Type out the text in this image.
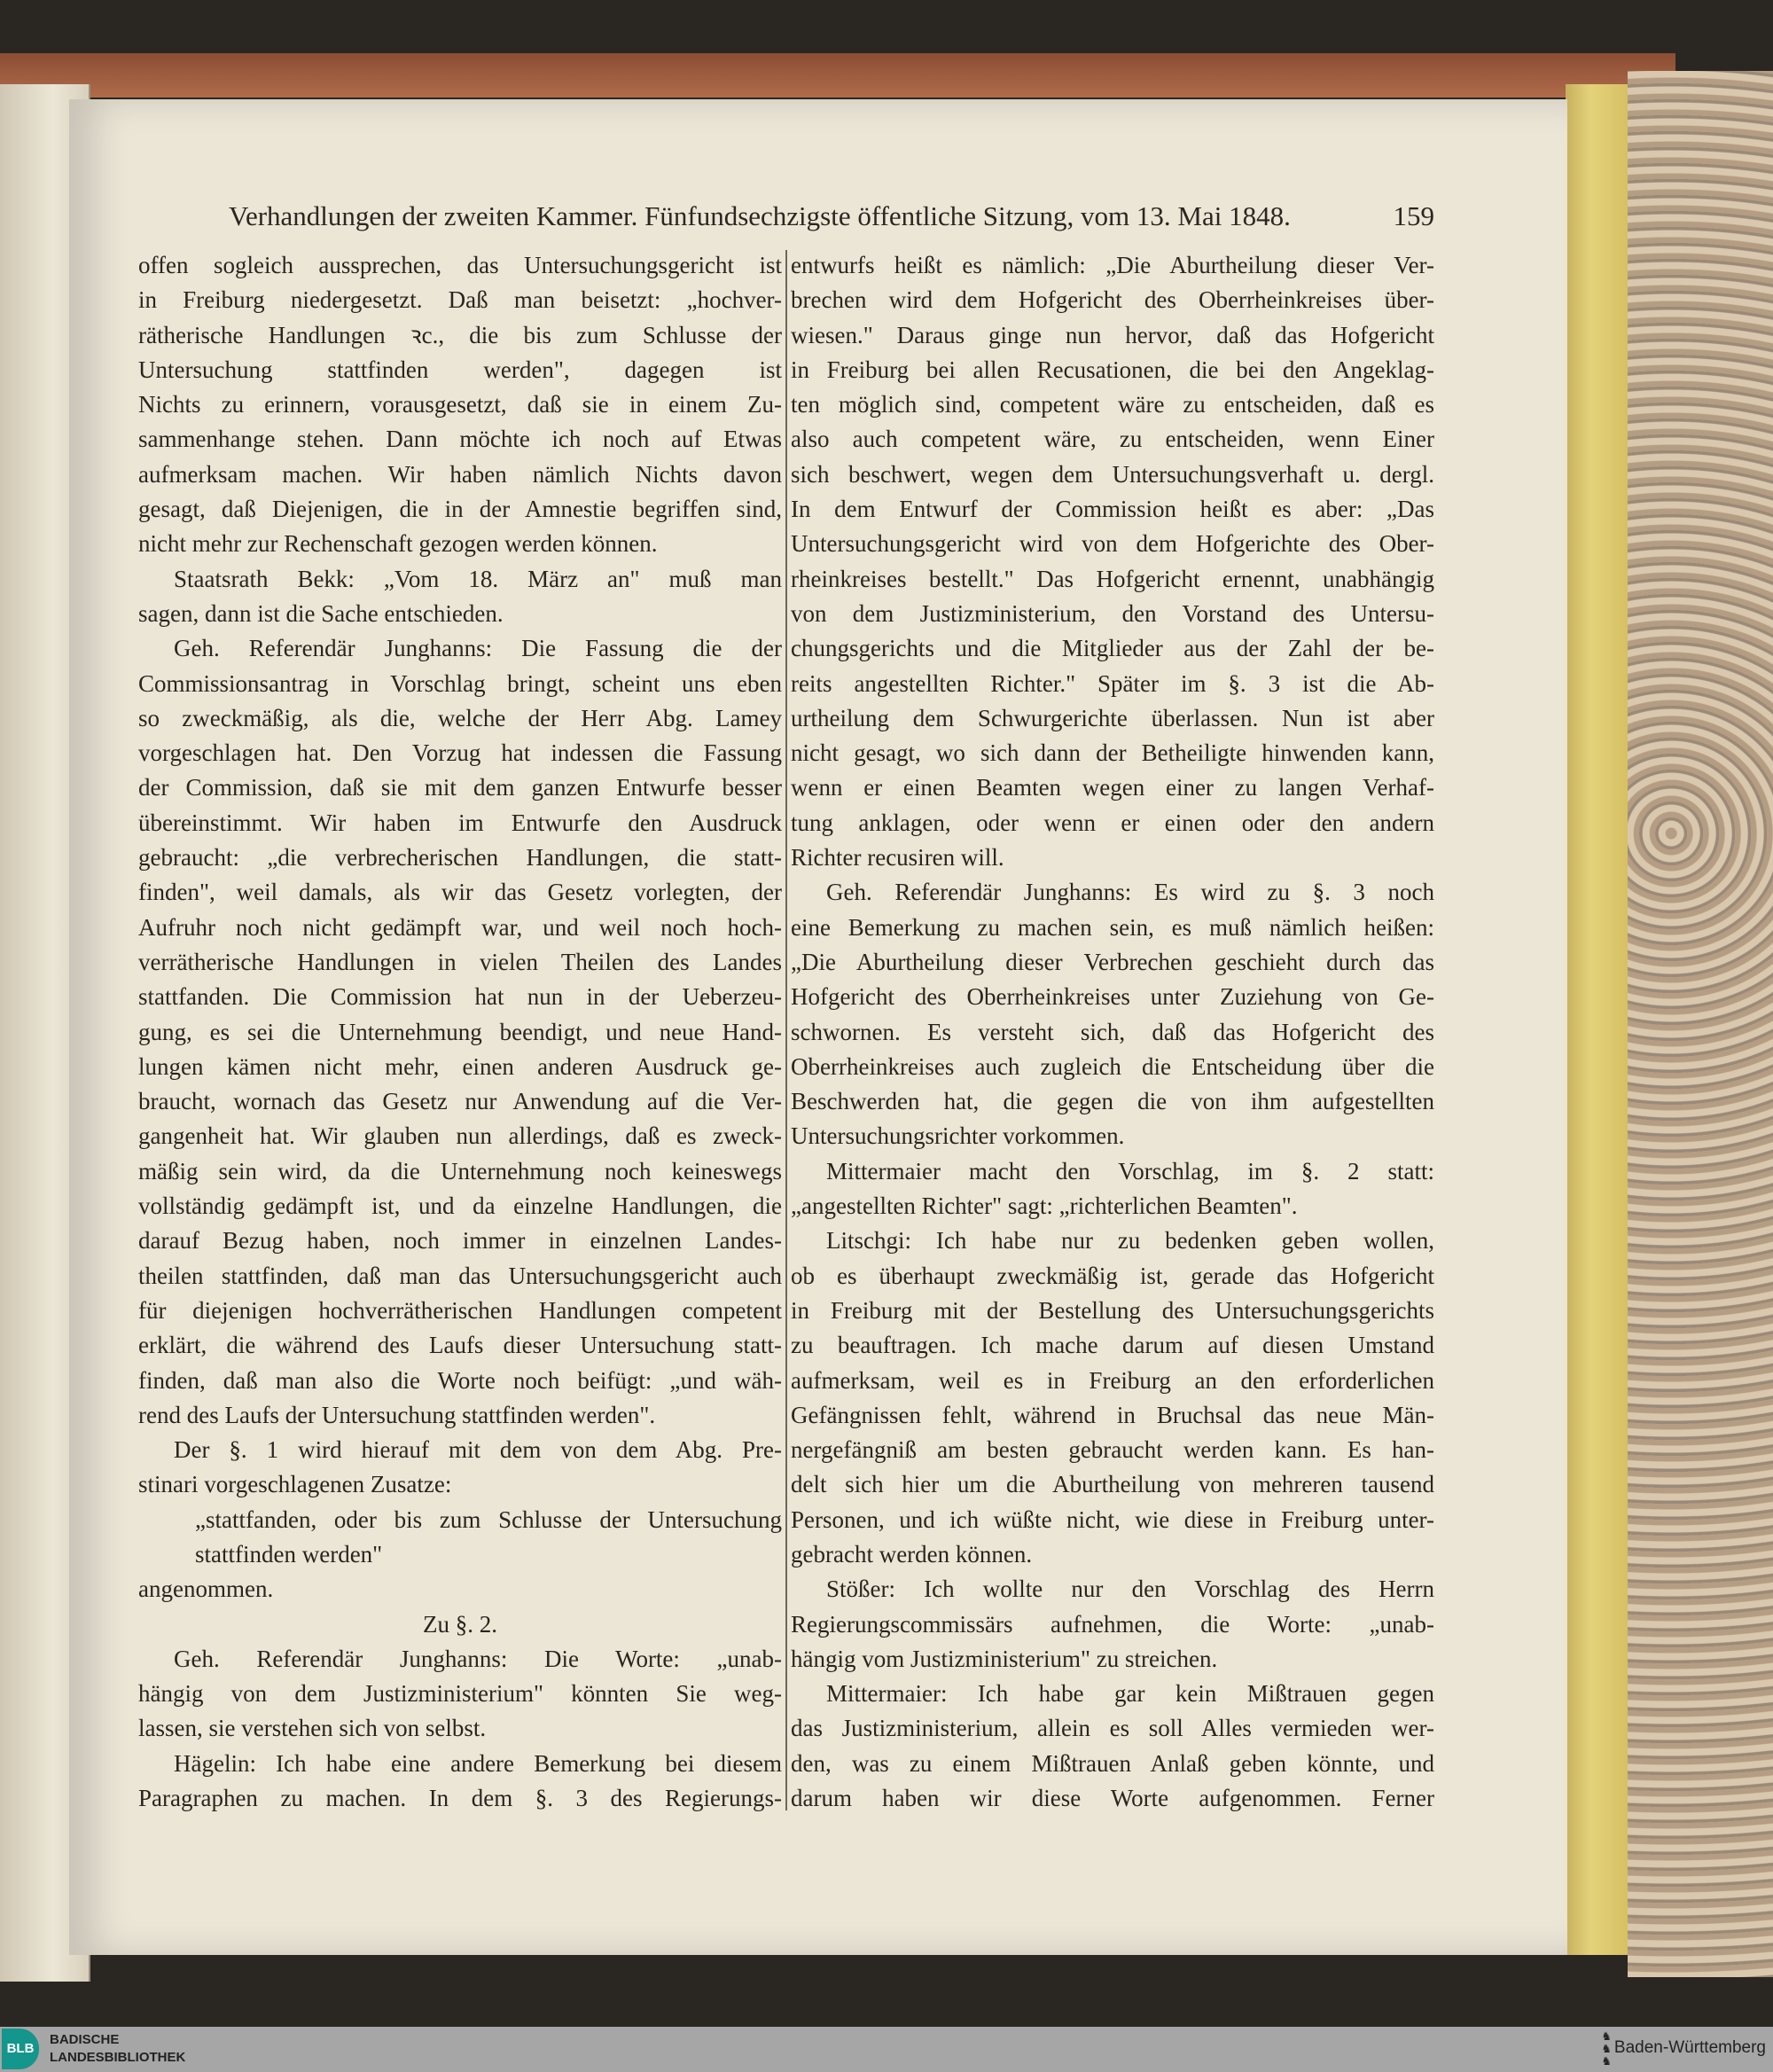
Verhandlungen der zweiten Kammer. Fünfundsechzigste öffentliche Sitzung, vom 13. Mai 1848.	159
offen sogleich aussprechen, das Untersuchungsgericht ist
in Freiburg niedergesetzt. Daß man beisetzt: „hochver-
rätherische Handlungen ꝛc., die bis zum Schlusse der
Untersuchung stattfinden werden", dagegen ist
Nichts zu erinnern, vorausgesetzt, daß sie in einem Zu-
sammenhange stehen. Dann möchte ich noch auf Etwas
aufmerksam machen. Wir haben nämlich Nichts davon
gesagt, daß Diejenigen, die in der Amnestie begriffen sind,
nicht mehr zur Rechenschaft gezogen werden können.
Staatsrath Bekk: „Vom 18. März an" muß man
sagen, dann ist die Sache entschieden.
Geh. Referendär Junghanns: Die Fassung die der
Commissionsantrag in Vorschlag bringt, scheint uns eben
so zweckmäßig, als die, welche der Herr Abg. Lamey
vorgeschlagen hat. Den Vorzug hat indessen die Fassung
der Commission, daß sie mit dem ganzen Entwurfe besser
übereinstimmt. Wir haben im Entwurfe den Ausdruck
gebraucht: „die verbrecherischen Handlungen, die statt-
finden", weil damals, als wir das Gesetz vorlegten, der
Aufruhr noch nicht gedämpft war, und weil noch hoch-
verrätherische Handlungen in vielen Theilen des Landes
stattfanden. Die Commission hat nun in der Ueberzeu-
gung, es sei die Unternehmung beendigt, und neue Hand-
lungen kämen nicht mehr, einen anderen Ausdruck ge-
braucht, wornach das Gesetz nur Anwendung auf die Ver-
gangenheit hat. Wir glauben nun allerdings, daß es zweck-
mäßig sein wird, da die Unternehmung noch keineswegs
vollständig gedämpft ist, und da einzelne Handlungen, die
darauf Bezug haben, noch immer in einzelnen Landes-
theilen stattfinden, daß man das Untersuchungsgericht auch
für diejenigen hochverrätherischen Handlungen competent
erklärt, die während des Laufs dieser Untersuchung statt-
finden, daß man also die Worte noch beifügt: „und wäh-
rend des Laufs der Untersuchung stattfinden werden".
Der §. 1 wird hierauf mit dem von dem Abg. Pre-
stinari vorgeschlagenen Zusatze:
„stattfanden, oder bis zum Schlusse der Untersuchung
stattfinden werden"
angenommen.
Zu §. 2.
Geh. Referendär Junghanns: Die Worte: „unab-
hängig von dem Justizministerium" könnten Sie weg-
lassen, sie verstehen sich von selbst.
Hägelin: Ich habe eine andere Bemerkung bei diesem
Paragraphen zu machen. In dem §. 3 des Regierungs-
entwurfs heißt es nämlich: „Die Aburtheilung dieser Ver-
brechen wird dem Hofgericht des Oberrheinkreises über-
wiesen." Daraus ginge nun hervor, daß das Hofgericht
in Freiburg bei allen Recusationen, die bei den Angeklag-
ten möglich sind, competent wäre zu entscheiden, daß es
also auch competent wäre, zu entscheiden, wenn Einer
sich beschwert, wegen dem Untersuchungsverhaft u. dergl.
In dem Entwurf der Commission heißt es aber: „Das
Untersuchungsgericht wird von dem Hofgerichte des Ober-
rheinkreises bestellt." Das Hofgericht ernennt, unabhängig
von dem Justizministerium, den Vorstand des Untersu-
chungsgerichts und die Mitglieder aus der Zahl der be-
reits angestellten Richter." Später im §. 3 ist die Ab-
urtheilung dem Schwurgerichte überlassen. Nun ist aber
nicht gesagt, wo sich dann der Betheiligte hinwenden kann,
wenn er einen Beamten wegen einer zu langen Verhaf-
tung anklagen, oder wenn er einen oder den andern
Richter recusiren will.
Geh. Referendär Junghanns: Es wird zu §. 3 noch
eine Bemerkung zu machen sein, es muß nämlich heißen:
„Die Aburtheilung dieser Verbrechen geschieht durch das
Hofgericht des Oberrheinkreises unter Zuziehung von Ge-
schwornen. Es versteht sich, daß das Hofgericht des
Oberrheinkreises auch zugleich die Entscheidung über die
Beschwerden hat, die gegen die von ihm aufgestellten
Untersuchungsrichter vorkommen.
Mittermaier macht den Vorschlag, im §. 2 statt:
„angestellten Richter" sagt: „richterlichen Beamten".
Litschgi: Ich habe nur zu bedenken geben wollen,
ob es überhaupt zweckmäßig ist, gerade das Hofgericht
in Freiburg mit der Bestellung des Untersuchungsgerichts
zu beauftragen. Ich mache darum auf diesen Umstand
aufmerksam, weil es in Freiburg an den erforderlichen
Gefängnissen fehlt, während in Bruchsal das neue Män-
nergefängniß am besten gebraucht werden kann. Es han-
delt sich hier um die Aburtheilung von mehreren tausend
Personen, und ich wüßte nicht, wie diese in Freiburg unter-
gebracht werden können.
Stößer: Ich wollte nur den Vorschlag des Herrn
Regierungscommissärs aufnehmen, die Worte: „unab-
hängig vom Justizministerium" zu streichen.
Mittermaier: Ich habe gar kein Mißtrauen gegen
das Justizministerium, allein es soll Alles vermieden wer-
den, was zu einem Mißtrauen Anlaß geben könnte, und
darum haben wir diese Worte aufgenommen. Ferner
BLB
BADISCHE
LANDESBIBLIOTHEK
♞
♞
♞
Baden-Württemberg
